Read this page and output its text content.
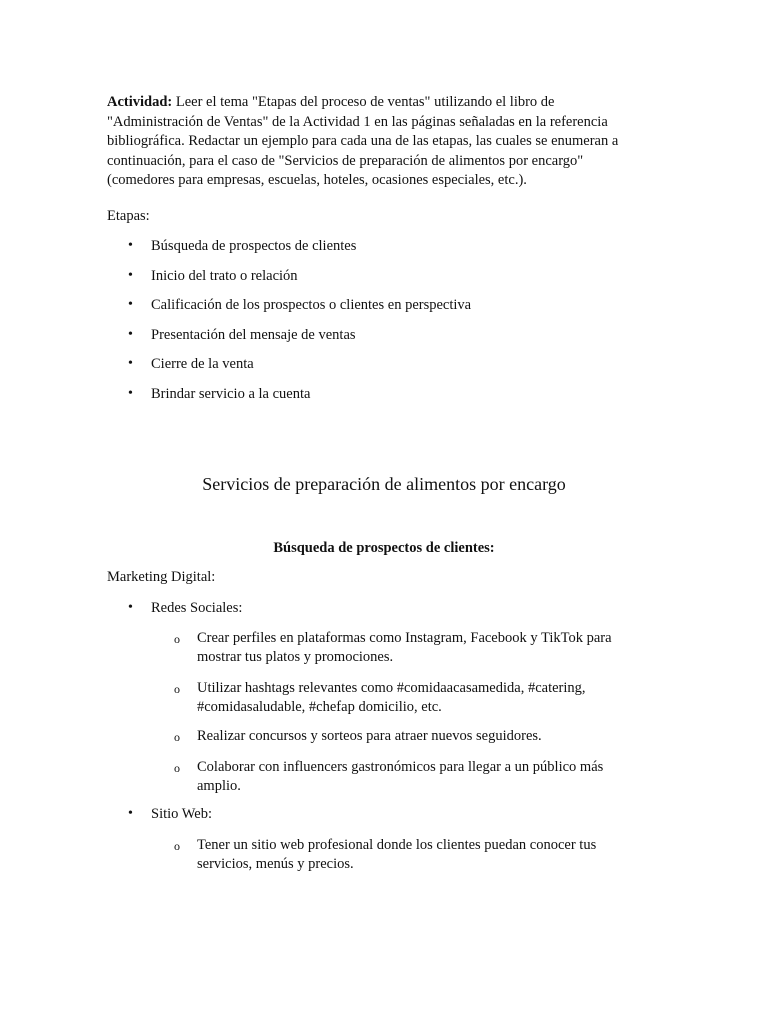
Actividad: Leer el tema "Etapas del proceso de ventas" utilizando el libro de "Administración de Ventas" de la Actividad 1 en las páginas señaladas en la referencia bibliográfica. Redactar un ejemplo para cada una de las etapas, las cuales se enumeran a continuación, para el caso de "Servicios de preparación de alimentos por encargo" (comedores para empresas, escuelas, hoteles, ocasiones especiales, etc.).
Etapas:
• Búsqueda de prospectos de clientes
• Inicio del trato o relación
• Calificación de los prospectos o clientes en perspectiva
• Presentación del mensaje de ventas
• Cierre de la venta
• Brindar servicio a la cuenta
Servicios de preparación de alimentos por encargo
Búsqueda de prospectos de clientes:
Marketing Digital:
• Redes Sociales:
o Crear perfiles en plataformas como Instagram, Facebook y TikTok para mostrar tus platos y promociones.
o Utilizar hashtags relevantes como #comidaacasamedida, #catering, #comidasaludable, #chefap domicilio, etc.
o Realizar concursos y sorteos para atraer nuevos seguidores.
o Colaborar con influencers gastronómicos para llegar a un público más amplio.
• Sitio Web:
o Tener un sitio web profesional donde los clientes puedan conocer tus servicios, menús y precios.
